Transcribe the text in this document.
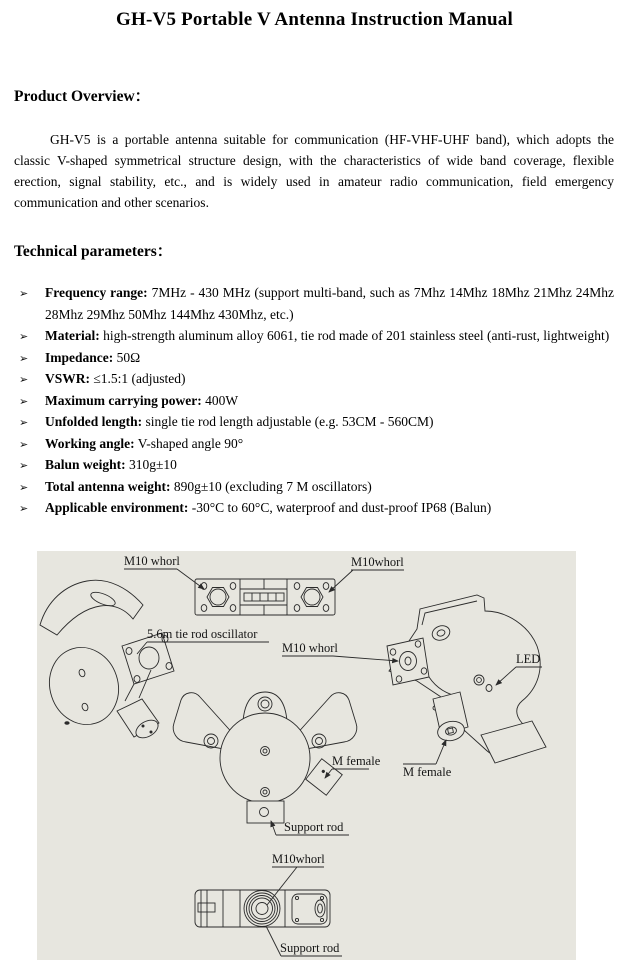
GH-V5 Portable V Antenna Instruction Manual
Product Overview：

GH-V5 is a portable antenna suitable for communication (HF-VHF-UHF band), which adopts the classic V-shaped symmetrical structure design, with the characteristics of wide band coverage, flexible erection, signal stability, etc., and is widely used in amateur radio communication, field emergency communication and other scenarios.

Technical parameters：
➢ Frequency range: 7MHz - 430 MHz (support multi-band, such as 7Mhz 14Mhz 18Mhz 21Mhz 24Mhz 28Mhz 29Mhz 50Mhz 144Mhz 430Mhz, etc.)
➢ Material: high-strength aluminum alloy 6061, tie rod made of 201 stainless steel (anti-rust, lightweight)
➢ Impedance: 50Ω
➢ VSWR: ≤1.5:1 (adjusted)
➢ Maximum carrying power: 400W
➢ Unfolded length: single tie rod length adjustable (e.g. 53CM - 560CM)
➢ Working angle: V-shaped angle 90°
➢ Balun weight: 310g±10
➢ Total antenna weight: 890g±10 (excluding 7 M oscillators)
➢ Applicable environment: -30°C to 60°C, waterproof and dust-proof IP68 (Balun)
M10 whorl	M10whorl
5.6m tie rod oscillator
M10 whorl
LED
M female
M female
Support rod
M10whorl
Support rod
